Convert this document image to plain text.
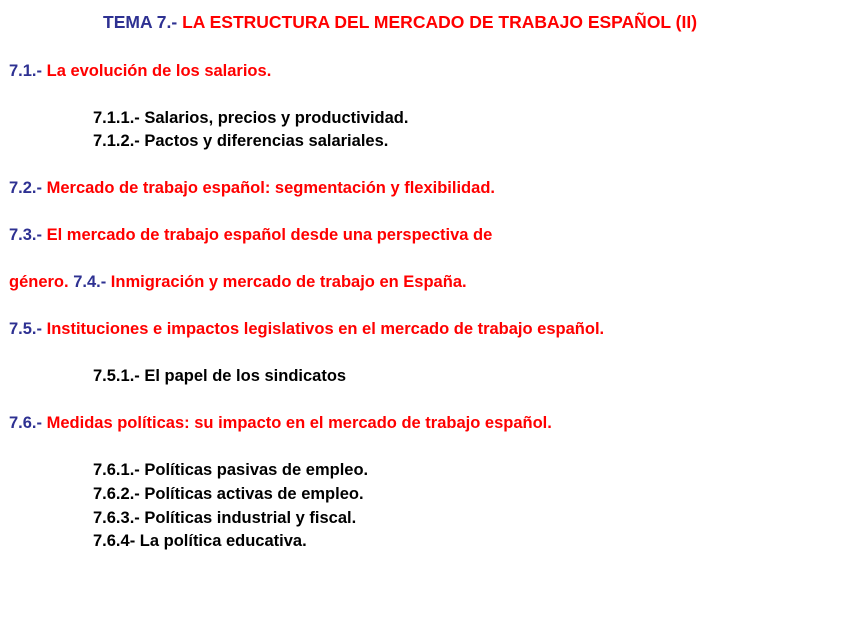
TEMA 7.- LA ESTRUCTURA DEL MERCADO DE TRABAJO ESPAÑOL (II)
7.1.- La evolución de los salarios.
7.1.1.- Salarios, precios y productividad.
7.1.2.- Pactos y diferencias salariales.
7.2.- Mercado de trabajo español: segmentación y flexibilidad.
7.3.- El mercado de trabajo español desde una perspectiva de
género. 7.4.- Inmigración y mercado de trabajo en España.
7.5.- Instituciones e impactos legislativos en el mercado de trabajo español.
7.5.1.- El papel de los sindicatos
7.6.- Medidas políticas: su impacto en el mercado de trabajo español.
7.6.1.- Políticas pasivas de empleo.
7.6.2.- Políticas activas de empleo.
7.6.3.- Políticas industrial y fiscal.
7.6.4- La política educativa.
